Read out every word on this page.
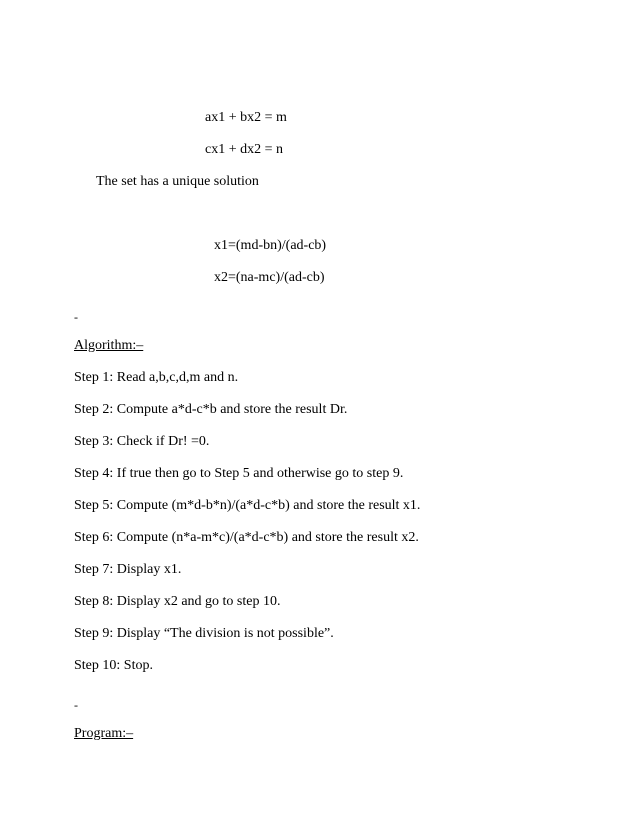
ax1 + bx2 = m
cx1 + dx2 = n
The set has a unique solution
x1=(md-bn)/(ad-cb)
x2=(na-mc)/(ad-cb)
-
Algorithm:–
Step 1: Read a,b,c,d,m and n.
Step 2: Compute a*d-c*b and store the result Dr.
Step 3: Check if Dr! =0.
Step 4: If true then go to Step 5 and otherwise go to step 9.
Step 5: Compute (m*d-b*n)/(a*d-c*b) and store the result x1.
Step 6: Compute (n*a-m*c)/(a*d-c*b) and store the result x2.
Step 7: Display x1.
Step 8: Display x2 and go to step 10.
Step 9: Display “The division is not possible”.
Step 10: Stop.
-
Program:–
